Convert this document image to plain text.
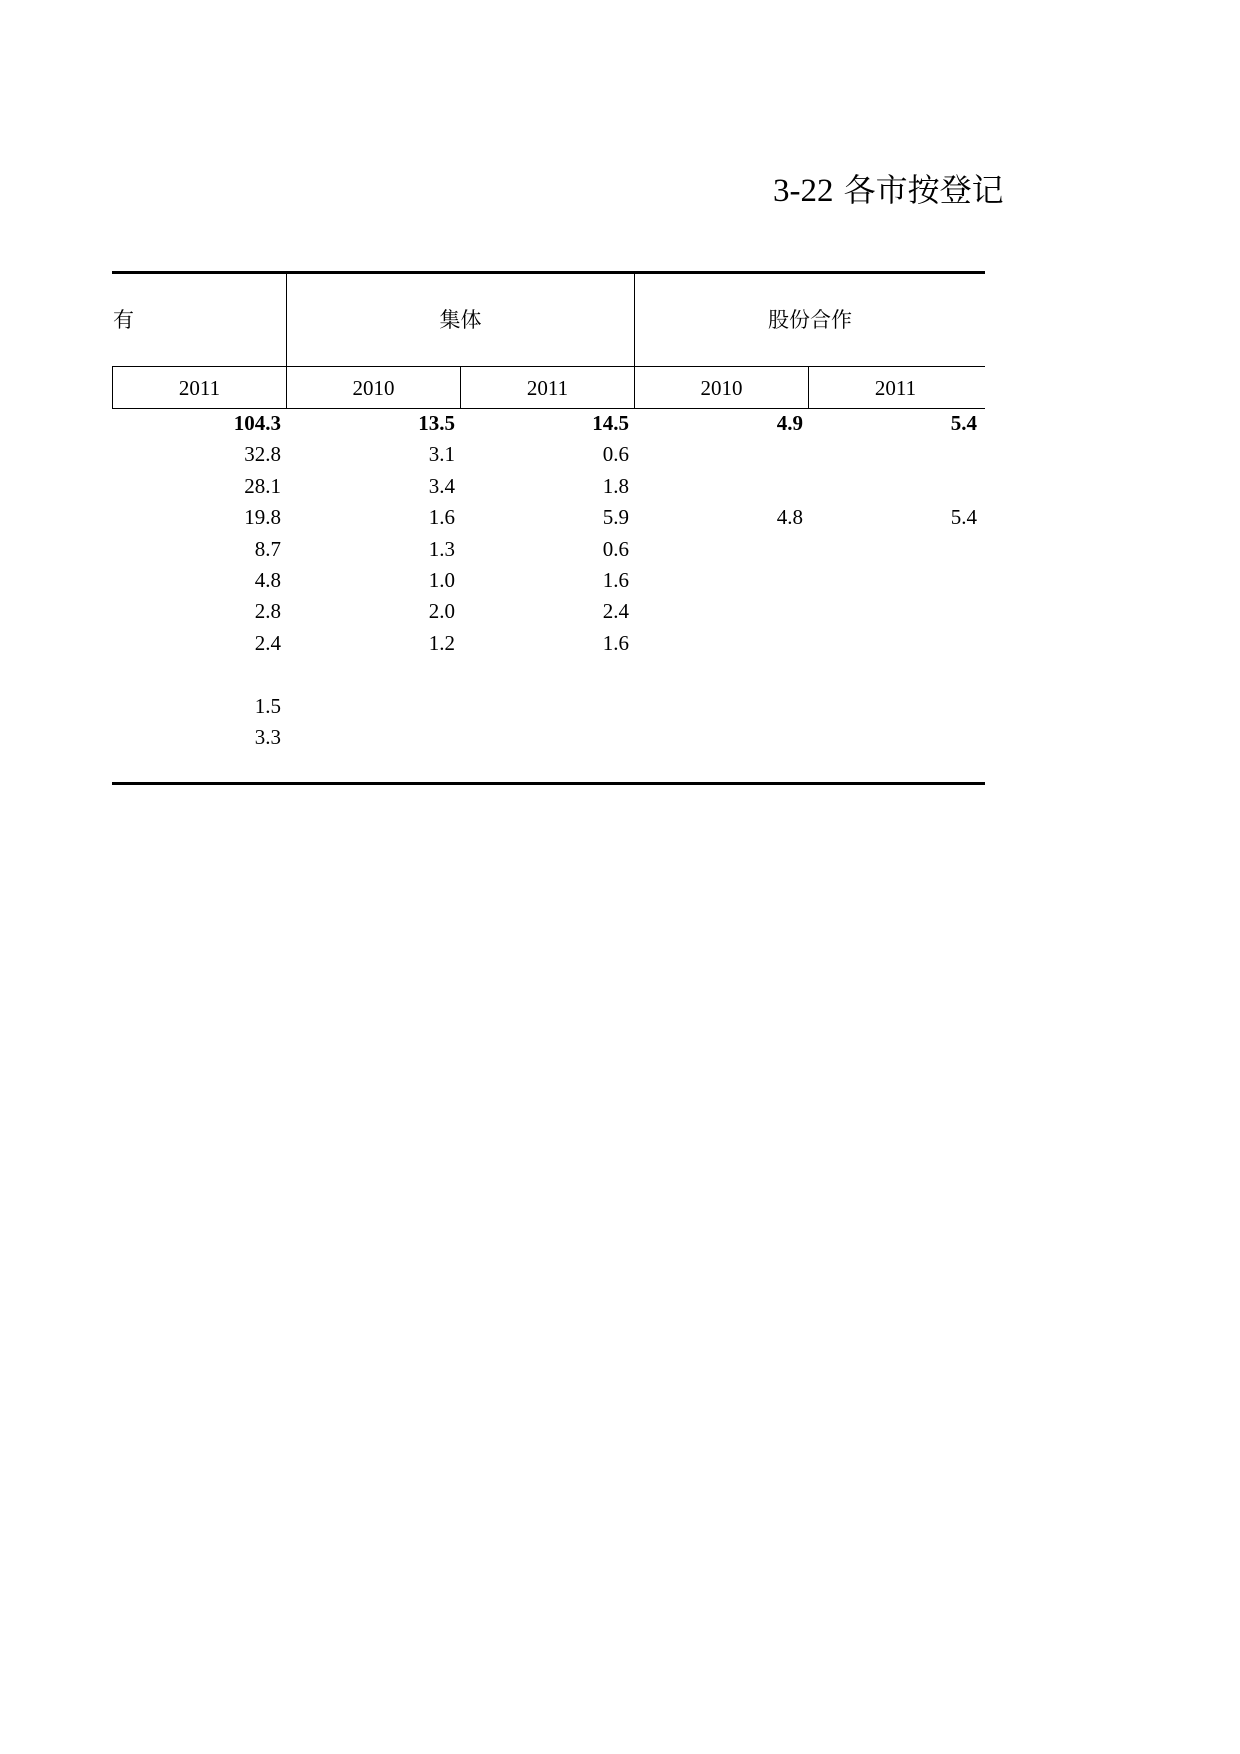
3-22 各市按登记
有	集体	股份合作
2011	2010	2011	2010	2011
104.3	13.5	14.5	4.9	5.4
32.8	3.1	0.6
28.1	3.4	1.8
19.8	1.6	5.9	4.8	5.4
8.7	1.3	0.6
4.8	1.0	1.6
2.8	2.0	2.4
2.4	1.2	1.6
1.5
3.3
